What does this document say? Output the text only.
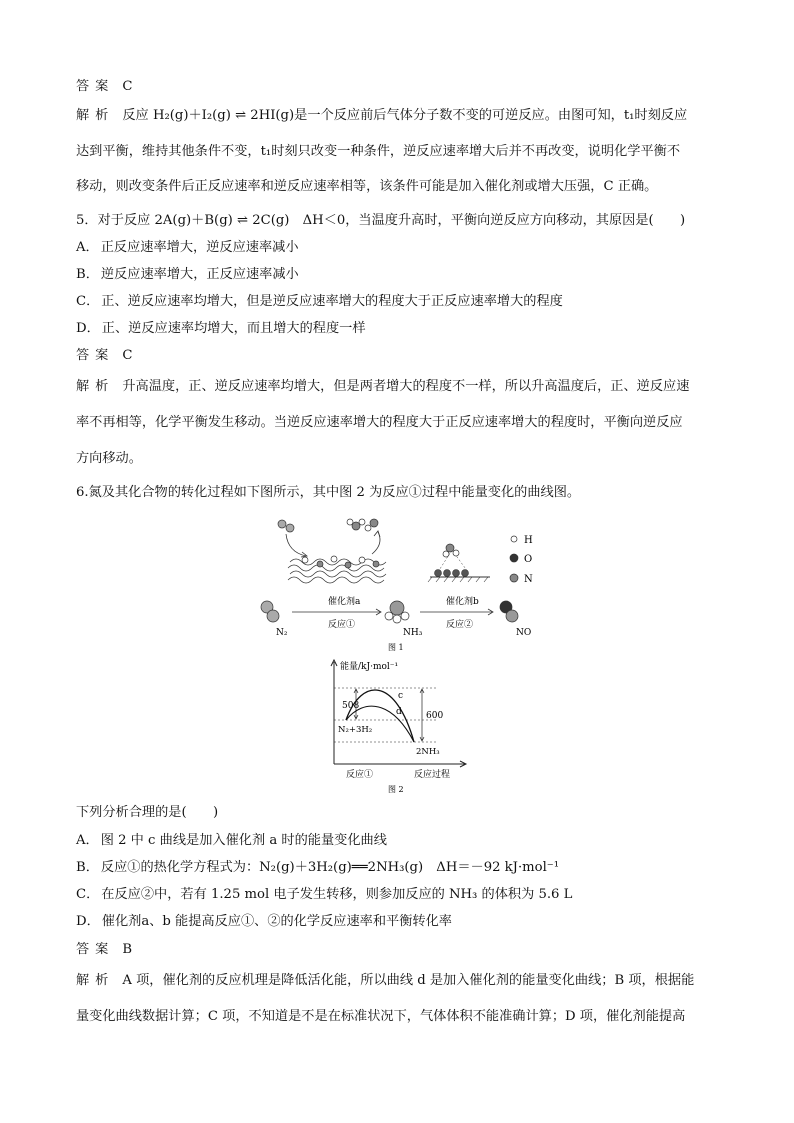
答案 C
解析 反应 H₂(g)＋I₂(g) ⇌ 2HI(g)是一个反应前后气体分子数不变的可逆反应。由图可知，t₁时刻反应
达到平衡，维持其他条件不变，t₁时刻只改变一种条件，逆反应速率增大后并不再改变，说明化学平衡不
移动，则改变条件后正反应速率和逆反应速率相等，该条件可能是加入催化剂或增大压强，C 正确。
5．对于反应 2A(g)＋B(g) ⇌ 2C(g)　ΔH＜0，当温度升高时，平衡向逆反应方向移动，其原因是(　　)
A． 正反应速率增大，逆反应速率减小
B． 逆反应速率增大，正反应速率减小
C． 正、逆反应速率均增大，但是逆反应速率增大的程度大于正反应速率增大的程度
D． 正、逆反应速率均增大，而且增大的程度一样
答案 C
解析 升高温度，正、逆反应速率均增大，但是两者增大的程度不一样，所以升高温度后，正、逆反应速
率不再相等，化学平衡发生移动。当逆反应速率增大的程度大于正反应速率增大的程度时，平衡向逆反应
方向移动。
6.氮及其化合物的转化过程如下图所示，其中图 2 为反应①过程中能量变化的曲线图。
H
O
N
N₂
催化剂a
反应①
NH₃
催化剂b
反应②
NO
图 1
能量/kJ·mol⁻¹
508
600
c
d
N₂+3H₂
2NH₃
反应①	反应过程
图 2
下列分析合理的是(　　)
A． 图 2 中 c 曲线是加入催化剂 a 时的能量变化曲线
B． 反应①的热化学方程式为：N₂(g)＋3H₂(g)══2NH₃(g)　ΔH＝－92 kJ·mol⁻¹
C． 在反应②中，若有 1.25 mol 电子发生转移，则参加反应的 NH₃ 的体积为 5.6 L
D． 催化剂a、b 能提高反应①、②的化学反应速率和平衡转化率
答案 B
解析 A 项，催化剂的反应机理是降低活化能，所以曲线 d 是加入催化剂的能量变化曲线；B 项，根据能
量变化曲线数据计算；C 项，不知道是不是在标准状况下，气体体积不能准确计算；D 项，催化剂能提高
